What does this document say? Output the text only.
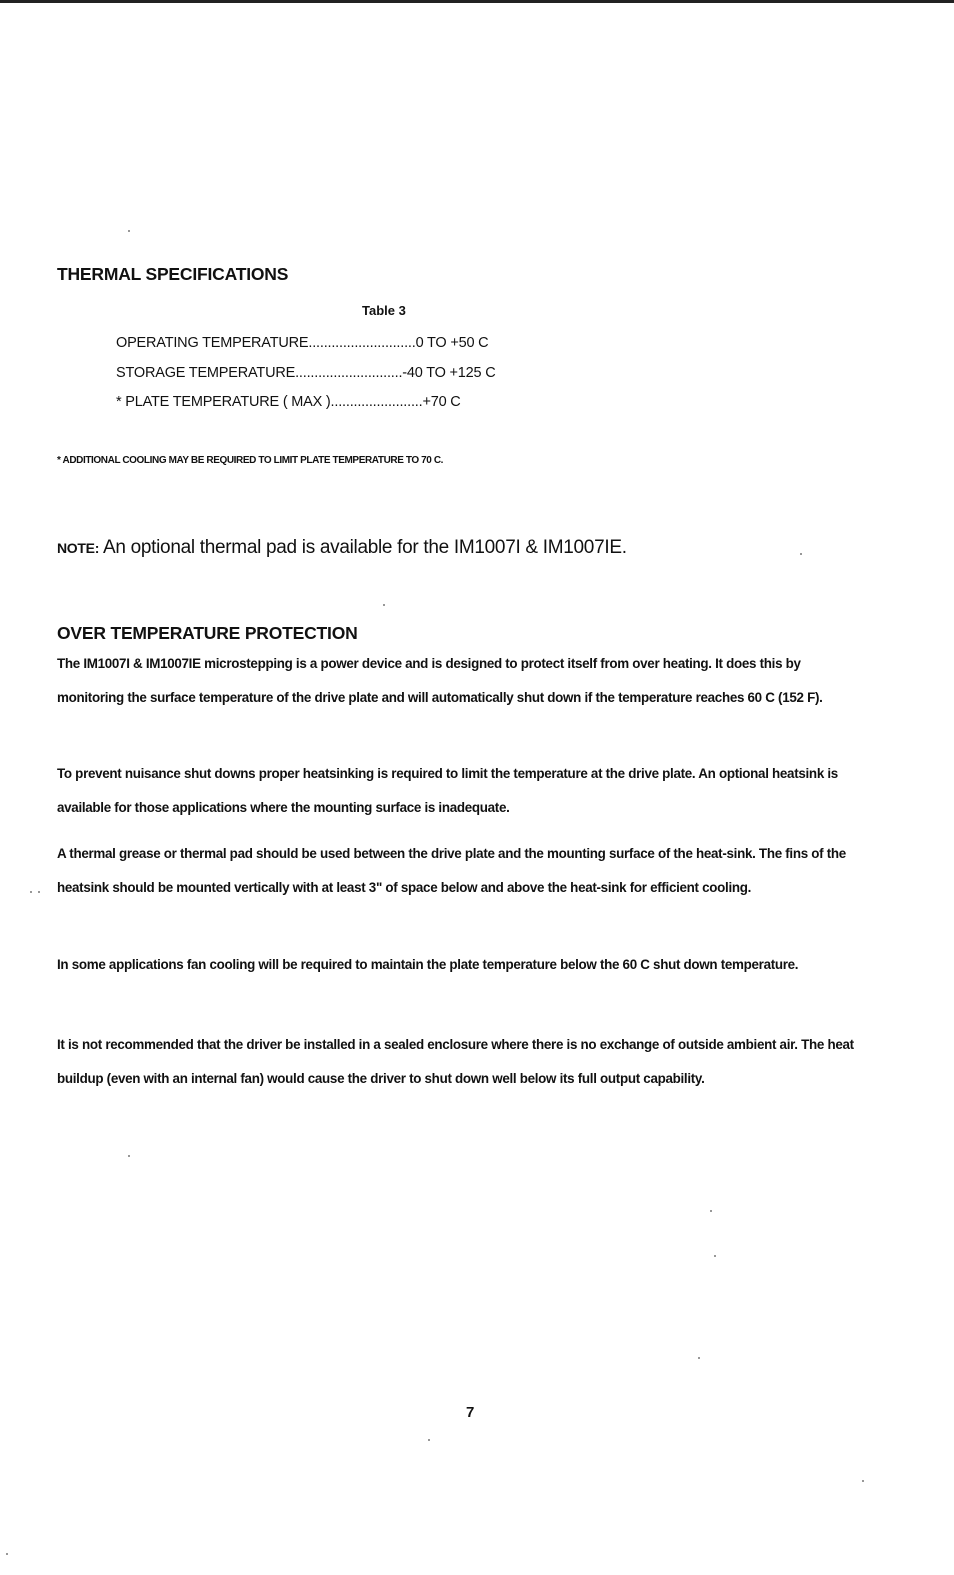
THERMAL SPECIFICATIONS
Table 3
OPERATING TEMPERATURE............................0 TO +50 C
STORAGE TEMPERATURE............................-40 TO +125 C
* PLATE TEMPERATURE ( MAX )........................+70 C
* ADDITIONAL COOLING MAY BE REQUIRED TO LIMIT PLATE TEMPERATURE TO 70 C.
NOTE: An optional thermal pad is available for the IM1007I & IM1007IE.
OVER TEMPERATURE PROTECTION
The IM1007I & IM1007IE microstepping is a power device and is designed to protect itself from over heating. It does this by monitoring the surface temperature of the drive plate and will automatically shut down if the temperature reaches 60 C (152 F).
To prevent nuisance shut downs proper heatsinking is required to limit the temperature at the drive plate. An optional heatsink is available for those applications where the mounting surface is inadequate.
A thermal grease or thermal pad should be used between the drive plate and the mounting surface of the heat-sink. The fins of the heatsink should be mounted vertically with at least 3" of space below and above the heat-sink for efficient cooling.
In some applications fan cooling will be required to maintain the plate temperature below the 60 C shut down temperature.
It is not recommended that the driver be installed in a sealed enclosure where there is no exchange of outside ambient air. The heat buildup (even with an internal fan) would cause the driver to shut down well below its full output capability.
7
